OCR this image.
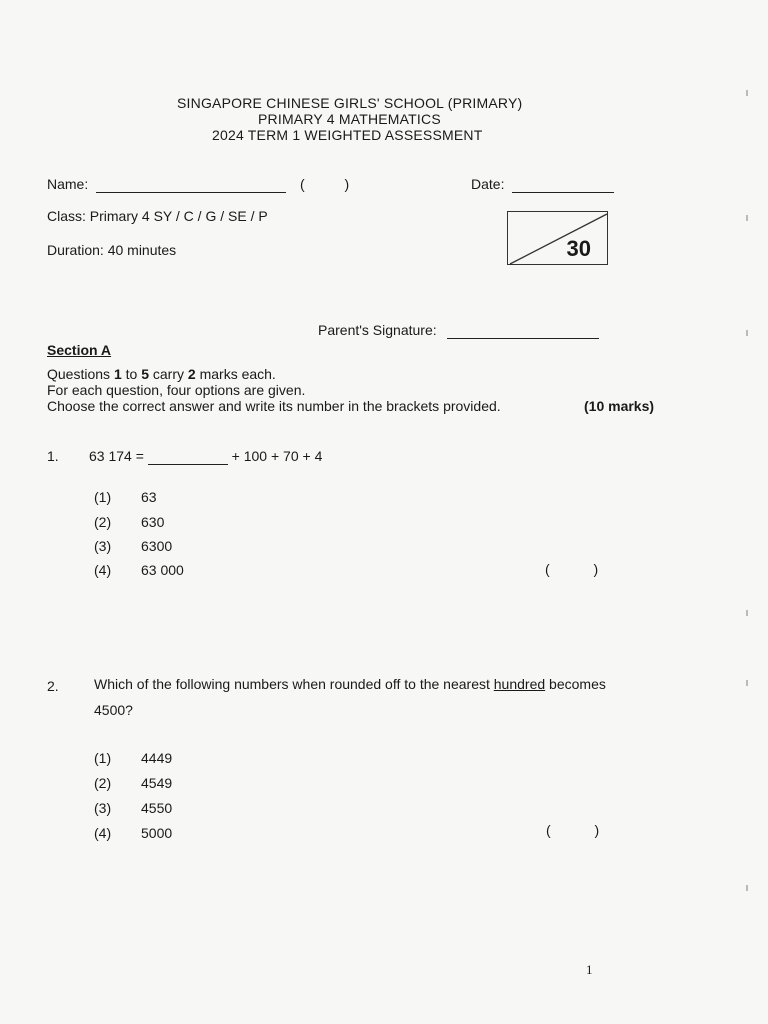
SINGAPORE CHINESE GIRLS' SCHOOL (PRIMARY)
PRIMARY 4 MATHEMATICS
2024 TERM 1 WEIGHTED ASSESSMENT
Name:	(	)	Date:
Class: Primary 4 SY / C / G / SE / P
Duration: 40 minutes	30
Parent's Signature:
Section A
Questions 1 to 5 carry 2 marks each.
For each question, four options are given.
Choose the correct answer and write its number in the brackets provided.	(10 marks)
1. 63 174 =	+ 100 + 70 + 4
(1) 63
(2) 630
(3) 6300
(4) 63 000	(	)
2.	Which of the following numbers when rounded off to the nearest hundred becomes
4500?
(1) 4449
(2) 4549
(3) 4550
(4) 5000	(	)
1
